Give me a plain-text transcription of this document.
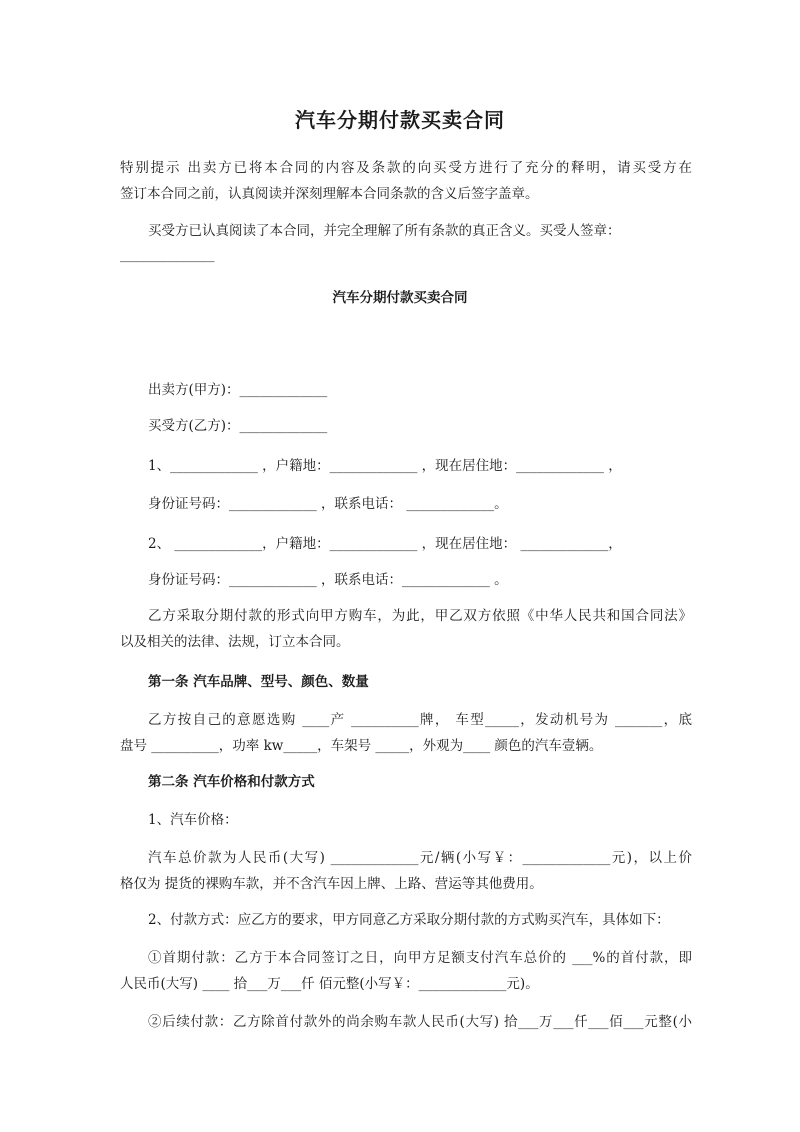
汽车分期付款买卖合同
特别提示 出卖方已将本合同的内容及条款的向买受方进行了充分的释明，请买受方在
签订本合同之前，认真阅读并深刻理解本合同条款的含义后签字盖章。
买受方已认真阅读了本合同，并完全理解了所有条款的真正含义。买受人签章：
______________
汽车分期付款买卖合同
出卖方(甲方)：_____________
买受方(乙方)：_____________
1、_____________ ，户籍地：_____________ ，现在居住地：_____________ ，
身份证号码：_____________ ，联系电话： _____________。
2、 _____________，户籍地：_____________ ，现在居住地： _____________，
身份证号码：_____________ ，联系电话：_____________ 。
乙方采取分期付款的形式向甲方购车，为此，甲乙双方依照《中华人民共和国合同法》
以及相关的法律、法规，订立本合同。
第一条 汽车品牌、型号、颜色、数量
乙方按自己的意愿选购 ____产 __________牌， 车型_____，发动机号为 _______，底
盘号 __________，功率 kw_____，车架号 _____，外观为____ 颜色的汽车壹辆。
第二条 汽车价格和付款方式
1、汽车价格：
汽车总价款为人民币(大写) _____________元/辆(小写￥：_____________元)，以上价
格仅为 提货的裸购车款，并不含汽车因上牌、上路、营运等其他费用。
2、付款方式：应乙方的要求，甲方同意乙方采取分期付款的方式购买汽车，具体如下：
①首期付款：乙方于本合同签订之日，向甲方足额支付汽车总价的 ___%的首付款，即
人民币(大写) ____ 拾___万___仟 佰元整(小写￥：_____________元)。
②后续付款：乙方除首付款外的尚余购车款人民币(大写) 拾___万___仟___佰___元整(小
